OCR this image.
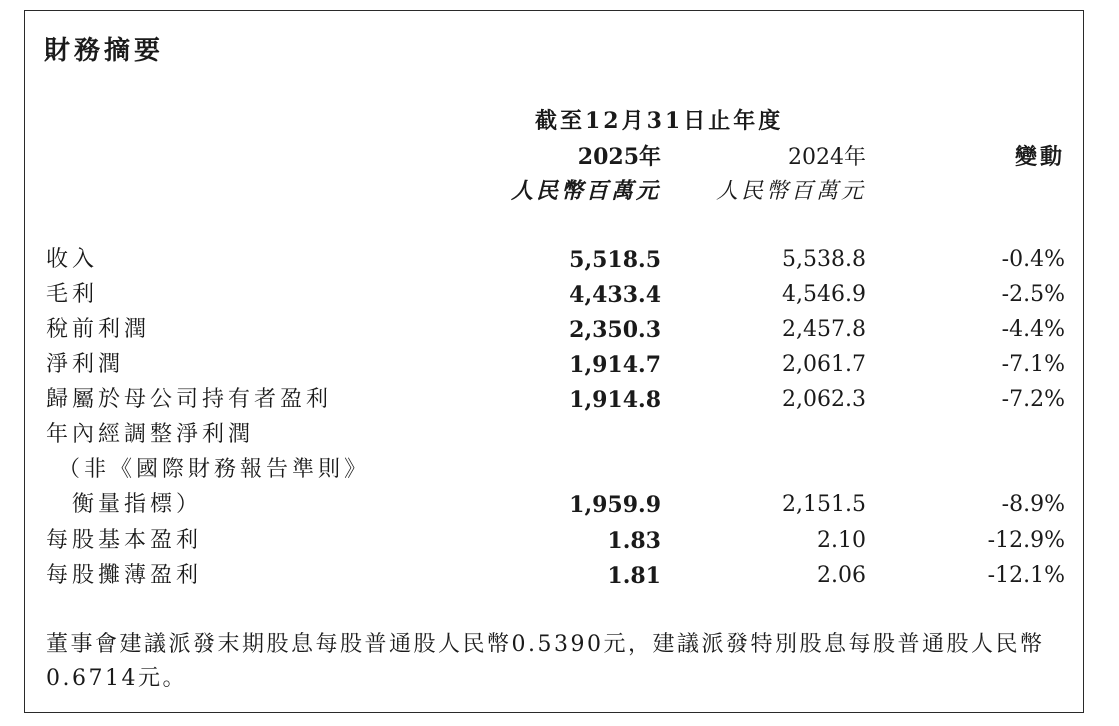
財務摘要
截至12月31日止年度
2025年	2024年	變動
人民幣百萬元 人民幣百萬元
收入	5,518.5	5,538.8	-0.4%
毛利	4,433.4	4,546.9	-2.5%
稅前利潤	2,350.3	2,457.8	-4.4%
淨利潤	1,914.7	2,061.7	-7.1%
歸屬於母公司持有者盈利	1,914.8	2,062.3	-7.2%
年內經調整淨利潤
（非《國際財務報告準則》
衡量指標）	1,959.9	2,151.5	-8.9%
每股基本盈利	1.83	2.10	-12.9%
每股攤薄盈利	1.81	2.06	-12.1%
董事會建議派發末期股息每股普通股人民幣0.5390元，建議派發特別股息每股普通股人民幣0.6714元。
